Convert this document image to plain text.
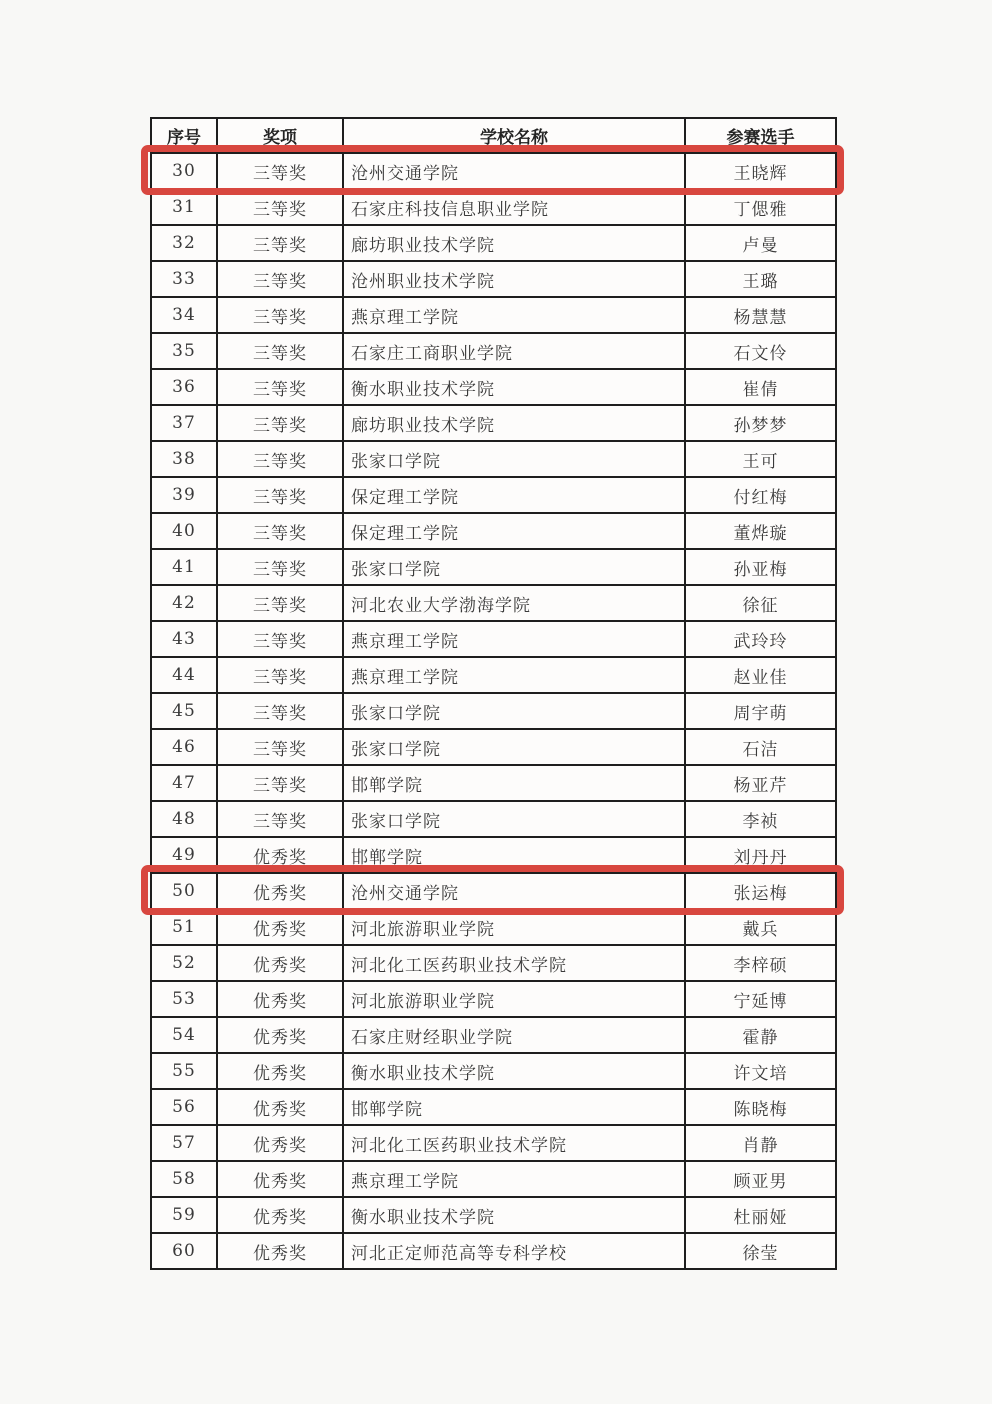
序号	奖项	学校名称	参赛选手
30	三等奖	沧州交通学院	王晓辉
31	三等奖	石家庄科技信息职业学院	丁偲雅
32	三等奖	廊坊职业技术学院	卢曼
33	三等奖	沧州职业技术学院	王璐
34	三等奖	燕京理工学院	杨慧慧
35	三等奖	石家庄工商职业学院	石文伶
36	三等奖	衡水职业技术学院	崔倩
37	三等奖	廊坊职业技术学院	孙梦梦
38	三等奖	张家口学院	王可
39	三等奖	保定理工学院	付红梅
40	三等奖	保定理工学院	董烨璇
41	三等奖	张家口学院	孙亚梅
42	三等奖	河北农业大学渤海学院	徐征
43	三等奖	燕京理工学院	武玲玲
44	三等奖	燕京理工学院	赵业佳
45	三等奖	张家口学院	周宇萌
46	三等奖	张家口学院	石洁
47	三等奖	邯郸学院	杨亚芹
48	三等奖	张家口学院	李祯
49	优秀奖	邯郸学院	刘丹丹
50	优秀奖	沧州交通学院	张运梅
51	优秀奖	河北旅游职业学院	戴兵
52	优秀奖	河北化工医药职业技术学院	李梓硕
53	优秀奖	河北旅游职业学院	宁延博
54	优秀奖	石家庄财经职业学院	霍静
55	优秀奖	衡水职业技术学院	许文培
56	优秀奖	邯郸学院	陈晓梅
57	优秀奖	河北化工医药职业技术学院	肖静
58	优秀奖	燕京理工学院	顾亚男
59	优秀奖	衡水职业技术学院	杜丽娅
60	优秀奖	河北正定师范高等专科学校	徐莹
